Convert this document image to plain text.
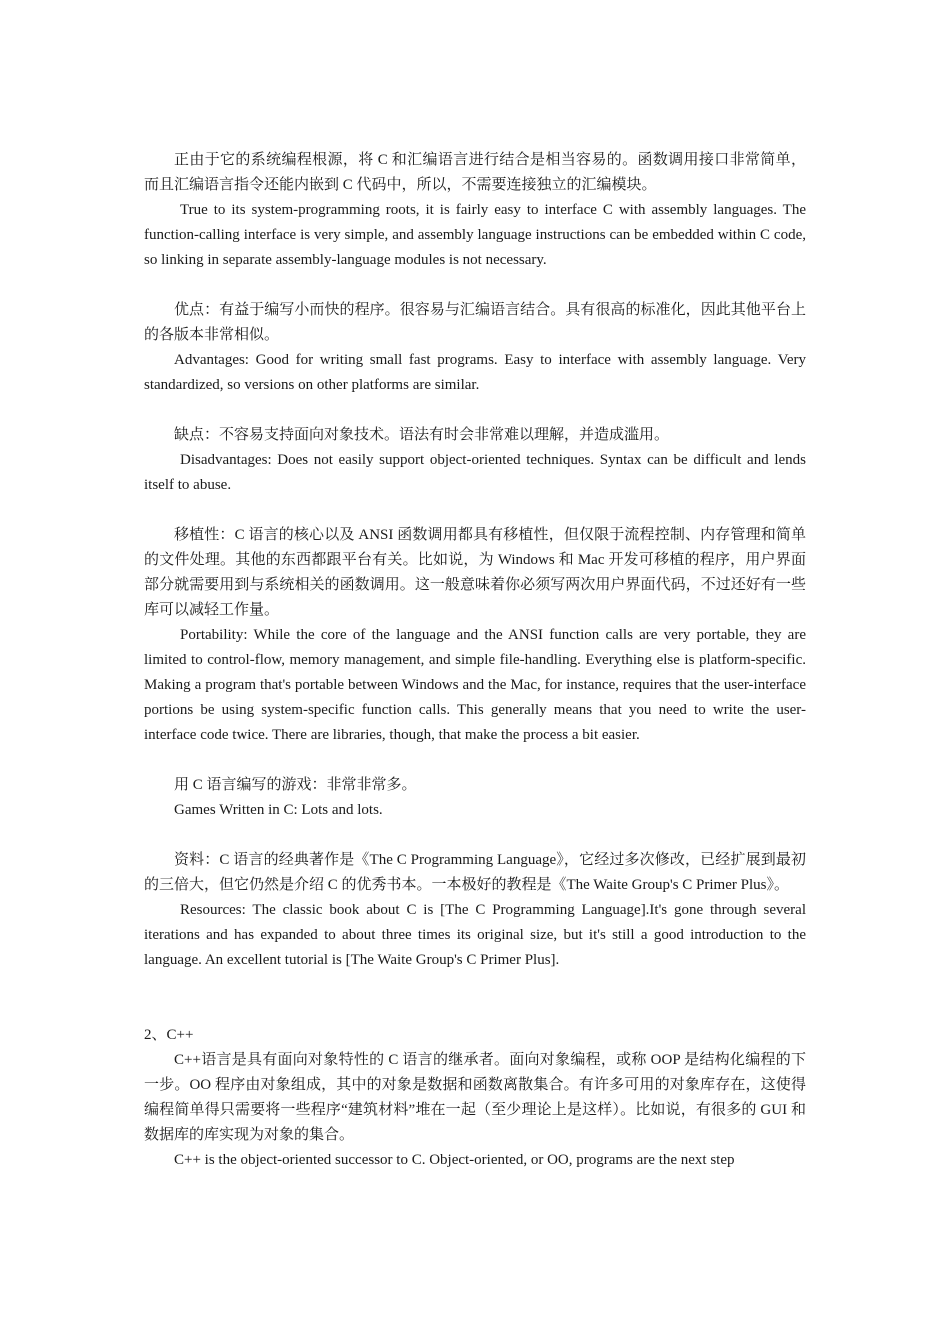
正由于它的系统编程根源，将 C 和汇编语言进行结合是相当容易的。函数调用接口非常简单，而且汇编语言指令还能内嵌到 C 代码中，所以，不需要连接独立的汇编模块。

True to its system-programming roots, it is fairly easy to interface C with assembly languages. The function-calling interface is very simple, and assembly language instructions can be embedded within C code, so linking in separate assembly-language modules is not necessary.

优点：有益于编写小而快的程序。很容易与汇编语言结合。具有很高的标准化，因此其他平台上的各版本非常相似。

Advantages: Good for writing small fast programs. Easy to interface with assembly language. Very standardized, so versions on other platforms are similar.

缺点：不容易支持面向对象技术。语法有时会非常难以理解，并造成滥用。

Disadvantages: Does not easily support object-oriented techniques. Syntax can be difficult and lends itself to abuse.

移植性：C 语言的核心以及 ANSI 函数调用都具有移植性，但仅限于流程控制、内存管理和简单的文件处理。其他的东西都跟平台有关。比如说，为 Windows 和 Mac 开发可移植的程序，用户界面部分就需要用到与系统相关的函数调用。这一般意味着你必须写两次用户界面代码，不过还好有一些库可以减轻工作量。

Portability: While the core of the language and the ANSI function calls are very portable, they are limited to control-flow, memory management, and simple file-handling. Everything else is platform-specific. Making a program that's portable between Windows and the Mac, for instance, requires that the user-interface portions be using system-specific function calls. This generally means that you need to write the user-interface code twice. There are libraries, though, that make the process a bit easier.

用 C 语言编写的游戏：非常非常多。

Games Written in C: Lots and lots.

资料：C 语言的经典著作是《The C Programming Language》，它经过多次修改，已经扩展到最初的三倍大，但它仍然是介绍 C 的优秀书本。一本极好的教程是《The Waite Group's C Primer Plus》。

Resources: The classic book about C is [The C Programming Language].It's gone through several iterations and has expanded to about three times its original size, but it's still a good introduction to the language. An excellent tutorial is [The Waite Group's C Primer Plus].

2、C++

C++语言是具有面向对象特性的 C 语言的继承者。面向对象编程，或称 OOP 是结构化编程的下一步。OO 程序由对象组成，其中的对象是数据和函数离散集合。有许多可用的对象库存在，这使得编程简单得只需要将一些程序“建筑材料”堆在一起（至少理论上是这样）。比如说，有很多的 GUI 和数据库的库实现为对象的集合。

C++ is the object-oriented successor to C. Object-oriented, or OO, programs are the next step
